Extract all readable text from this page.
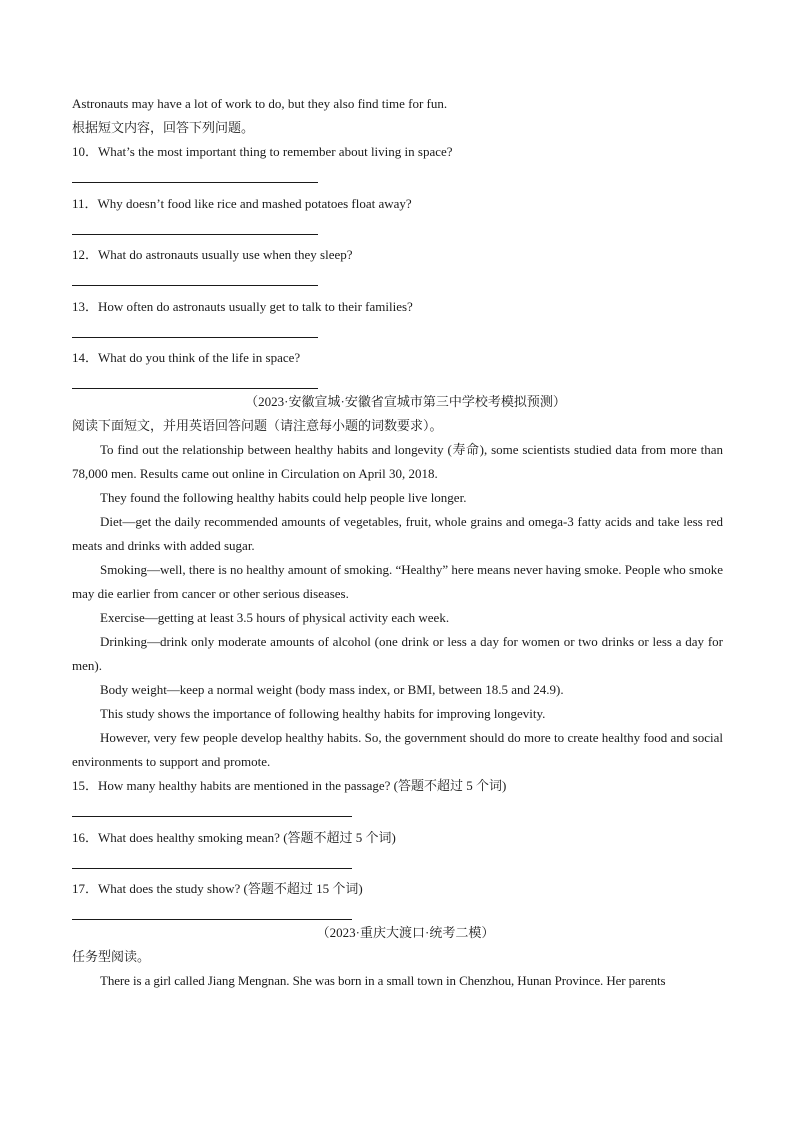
Astronauts may have a lot of work to do, but they also find time for fun.
根据短文内容，回答下列问题。
10．What’s the most important thing to remember about living in space?
11．Why doesn’t food like rice and mashed potatoes float away?
12．What do astronauts usually use when they sleep?
13．How often do astronauts usually get to talk to their families?
14．What do you think of the life in space?
（2023·安徽宣城·安徽省宣城市第三中学校考模拟预测）
阅读下面短文，并用英语回答问题（请注意每小题的词数要求）。
To find out the relationship between healthy habits and longevity (寿命), some scientists studied data from more than 78,000 men. Results came out online in Circulation on April 30, 2018.
They found the following healthy habits could help people live longer.
Diet—get the daily recommended amounts of vegetables, fruit, whole grains and omega-3 fatty acids and take less red meats and drinks with added sugar.
Smoking—well, there is no healthy amount of smoking. “Healthy” here means never having smoke. People who smoke may die earlier from cancer or other serious diseases.
Exercise—getting at least 3.5 hours of physical activity each week.
Drinking—drink only moderate amounts of alcohol (one drink or less a day for women or two drinks or less a day for men).
Body weight—keep a normal weight (body mass index, or BMI, between 18.5 and 24.9).
This study shows the importance of following healthy habits for improving longevity.
However, very few people develop healthy habits. So, the government should do more to create healthy food and social environments to support and promote.
15．How many healthy habits are mentioned in the passage? (答题不超过 5 个词)
16．What does healthy smoking mean? (答题不超过 5 个词)
17．What does the study show? (答题不超过 15 个词)
（2023·重庆大渡口·统考二模）
任务型阅读。
There is a girl called Jiang Mengnan. She was born in a small town in Chenzhou, Hunan Province. Her parents
